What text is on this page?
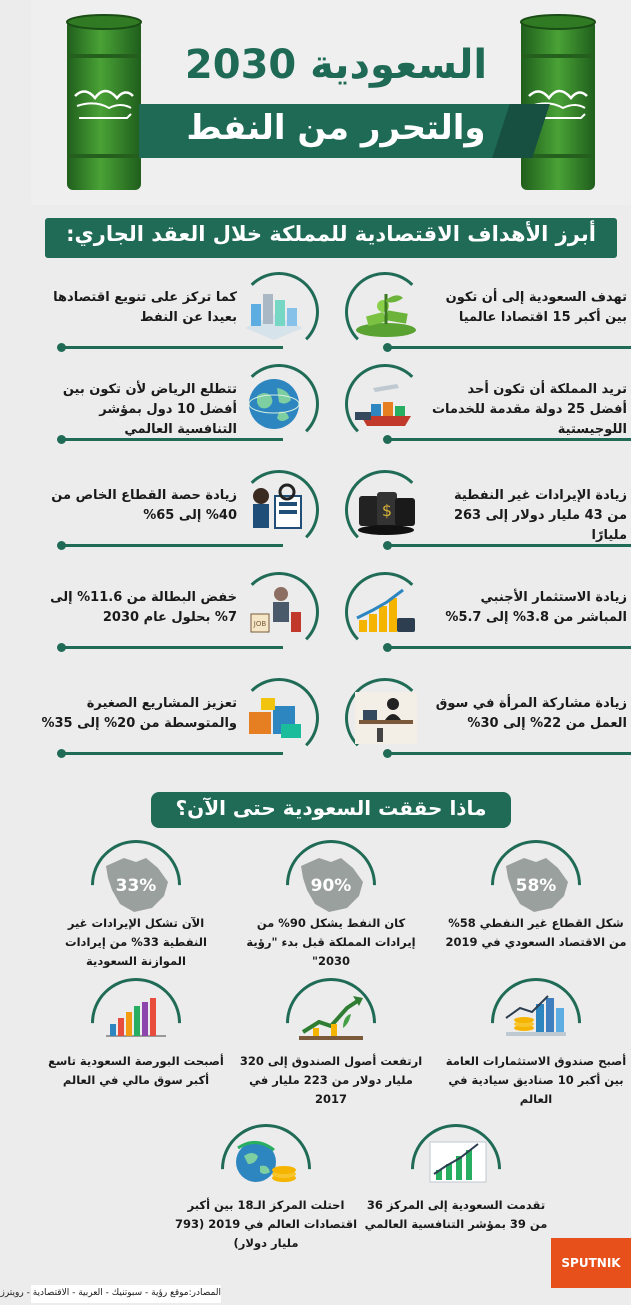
السعودية 2030
والتحرر من النفط
أبرز الأهداف الاقتصادية للمملكة خلال العقد الجاري:
تهدف السعودية إلى أن تكون بين أكبر 15 اقتصادا عالميا
تريد المملكة أن تكون أحد أفضل 25 دولة مقدمة للخدمات اللوجيستية
$
زيادة الإيرادات غير النفطية من 43 مليار دولار إلى 263 مليارًا
زيادة الاستثمار الأجنبي المباشر من 3.8% إلى 5.7%
زيادة مشاركة المرأة في سوق العمل من 22% إلى 30%
كما تركز على تنويع اقتصادها بعيدا عن النفط
تتطلع الرياض لأن تكون بين أفضل 10 دول بمؤشر التنافسية العالمي
زيادة حصة القطاع الخاص من 40% إلى 65%
JOB
خفض البطالة من 11.6% إلى 7% بحلول عام 2030
تعزيز المشاريع الصغيرة والمتوسطة من 20% إلى 35%
ماذا حققت السعودية حتى الآن؟
58%
شكل القطاع غير النفطي 58% من الاقتصاد السعودي في 2019
90%
كان النفط يشكل 90% من إيرادات المملكة قبل بدء "رؤية 2030"
33%
الآن تشكل الإيرادات غير النفطية 33% من إيرادات الموازنة السعودية
أصبح صندوق الاستثمارات العامة بين أكبر 10 صناديق سيادية في العالم
ارتفعت أصول الصندوق إلى 320 مليار دولار من 223 مليار في 2017
أصبحت البورصة السعودية تاسع أكبر سوق مالي في العالم
تقدمت السعودية إلى المركز 36 من 39 بمؤشر التنافسية العالمي
احتلت المركز الـ18 بين أكبر اقتصادات العالم في 2019 (793 مليار دولار)
SPUTNIK
المصادر:موقع رؤية - سبوتنيك - العربية - الاقتصادية - رويترز
